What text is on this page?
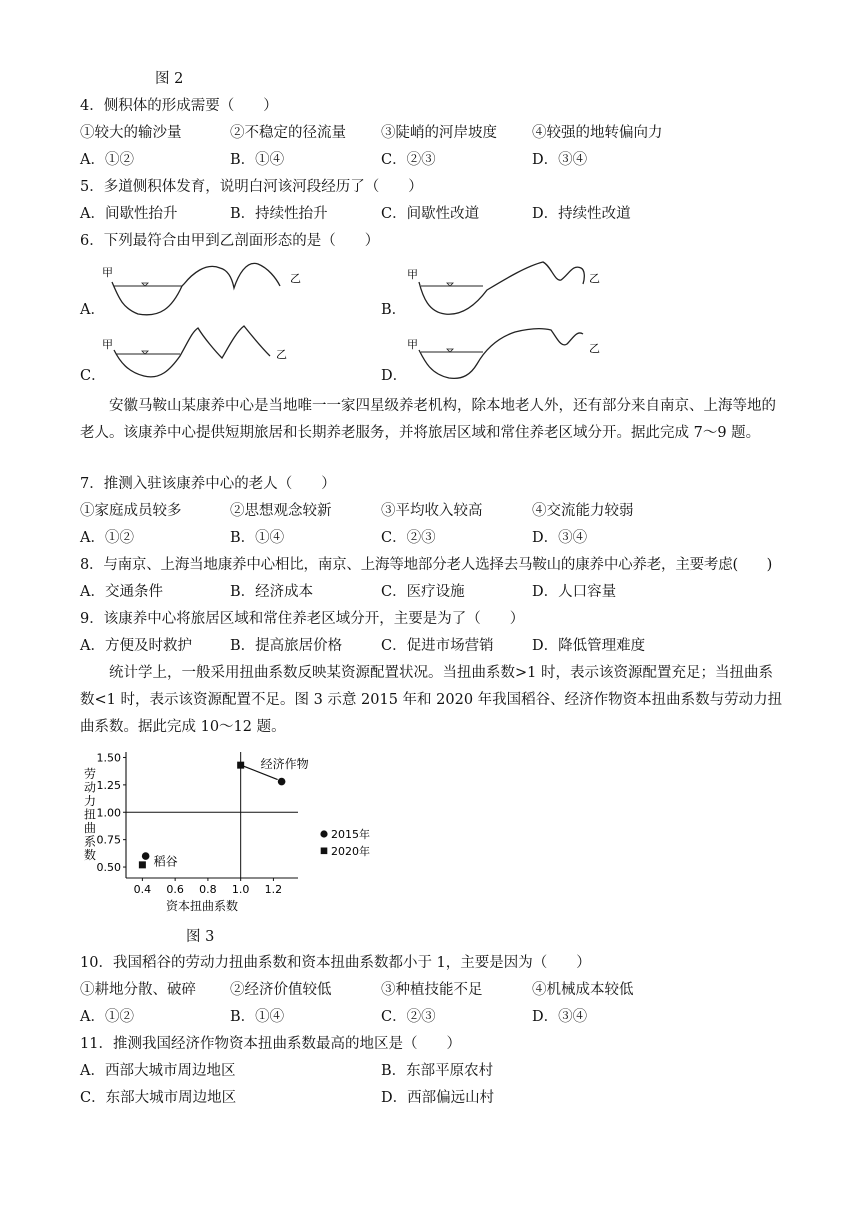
图 2
4．侧积体的形成需要（　　）
①较大的输沙量	②不稳定的径流量 ③陡峭的河岸坡度 ④较强的地转偏向力
A．①②	B．①④	C．②③	D．③④
5．多道侧积体发育，说明白河该河段经历了（　　）
A．间歇性抬升	B．持续性抬升	C．间歇性改道	D．持续性改道
6．下列最符合由甲到乙剖面形态的是（　　）
A．
甲	乙
B．
甲	乙
C．
甲
乙
D．
甲	乙
安徽马鞍山某康养中心是当地唯一一家四星级养老机构，除本地老人外，还有部分来自南京、上海等地的老人。该康养中心提供短期旅居和长期养老服务，并将旅居区域和常住养老区域分开。据此完成 7～9 题。
7．推测入驻该康养中心的老人（　　）
①家庭成员较多	②思想观念较新	③平均收入较高	④交流能力较弱
A．①②	B．①④	C．②③	D．③④
8．与南京、上海当地康养中心相比，南京、上海等地部分老人选择去马鞍山的康养中心养老，主要考虑(　　)
A．交通条件	B．经济成本	C．医疗设施	D．人口容量
9．该康养中心将旅居区域和常住养老区域分开，主要是为了（　　）
A．方便及时救护	B．提高旅居价格	C．促进市场营销	D．降低管理难度
统计学上，一般采用扭曲系数反映某资源配置状况。当扭曲系数>1 时，表示该资源配置充足；当扭曲系数<1 时，表示该资源配置不足。图 3 示意 2015 年和 2020 年我国稻谷、经济作物资本扭曲系数与劳动力扭曲系数。据此完成 10～12 题。
0.4 0.6 0.8 1.0 1.2
0.50
0.75
1.00
1.25
1.50
资本扭曲系数
劳动力扭曲系数
经济作物
稻谷
2015年
2020年
图 3
10．我国稻谷的劳动力扭曲系数和资本扭曲系数都小于 1，主要是因为（　　）
①耕地分散、破碎 ②经济价值较低	③种植技能不足	④机械成本较低
A．①②	B．①④	C．②③	D．③④
11．推测我国经济作物资本扭曲系数最高的地区是（　　）
A．西部大城市周边地区	B．东部平原农村
C．东部大城市周边地区	D．西部偏远山村
